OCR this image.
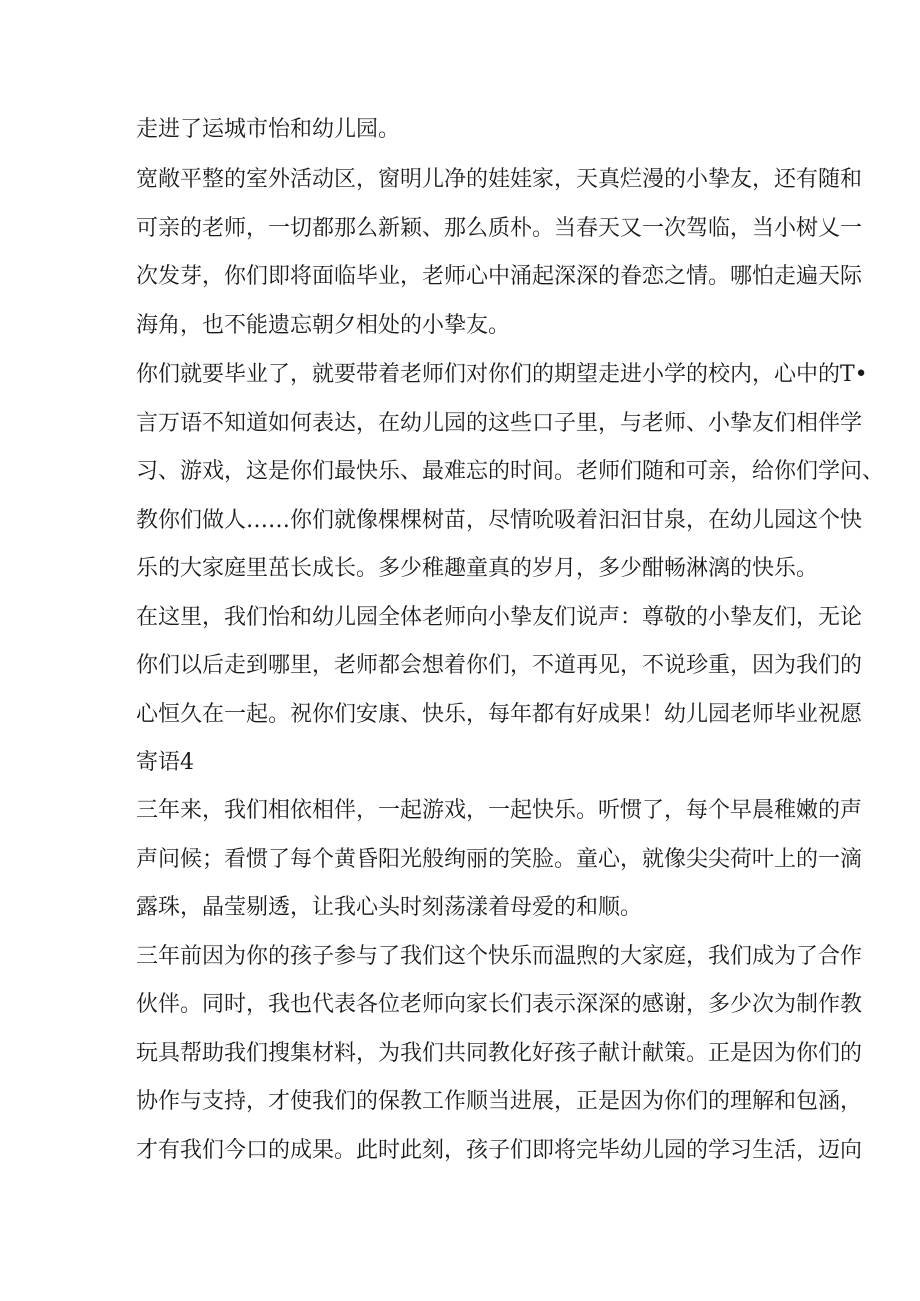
走进了运城市怡和幼儿园。

宽敞平整的室外活动区，窗明儿净的娃娃家，天真烂漫的小挚友，还有随和

可亲的老师，一切都那么新颖、那么质朴。当春天又一次驾临，当小树乂一

次发芽，你们即将面临毕业，老师心中涌起深深的眷恋之情。哪怕走遍天际

海角，也不能遗忘朝夕相处的小挚友。

你们就要毕业了，就要带着老师们对你们的期望走进小学的校内，心中的T•

言万语不知道如何表达，在幼儿园的这些口子里，与老师、小挚友们相伴学

习、游戏，这是你们最快乐、最难忘的时间。老师们随和可亲，给你们学问、

教你们做人……你们就像棵棵树苗，尽情吮吸着汩汩甘泉，在幼儿园这个快

乐的大家庭里茁长成长。多少稚趣童真的岁月，多少酣畅淋漓的快乐。

在这里，我们怡和幼儿园全体老师向小挚友们说声：尊敬的小挚友们，无论

你们以后走到哪里，老师都会想着你们，不道再见，不说珍重，因为我们的

心恒久在一起。祝你们安康、快乐，每年都有好成果！幼儿园老师毕业祝愿

寄语4

三年来，我们相依相伴，一起游戏，一起快乐。听惯了，每个早晨稚嫩的声

声问候；看惯了每个黄昏阳光般绚丽的笑脸。童心，就像尖尖荷叶上的一滴

露珠，晶莹剔透，让我心头时刻荡漾着母爱的和顺。

三年前因为你的孩子参与了我们这个快乐而温煦的大家庭，我们成为了合作

伙伴。同时，我也代表各位老师向家长们表示深深的感谢，多少次为制作教

玩具帮助我们搜集材料，为我们共同教化好孩子献计献策。正是因为你们的

协作与支持，才使我们的保教工作顺当进展，正是因为你们的理解和包涵，

才有我们今口的成果。此时此刻，孩子们即将完毕幼儿园的学习生活，迈向
